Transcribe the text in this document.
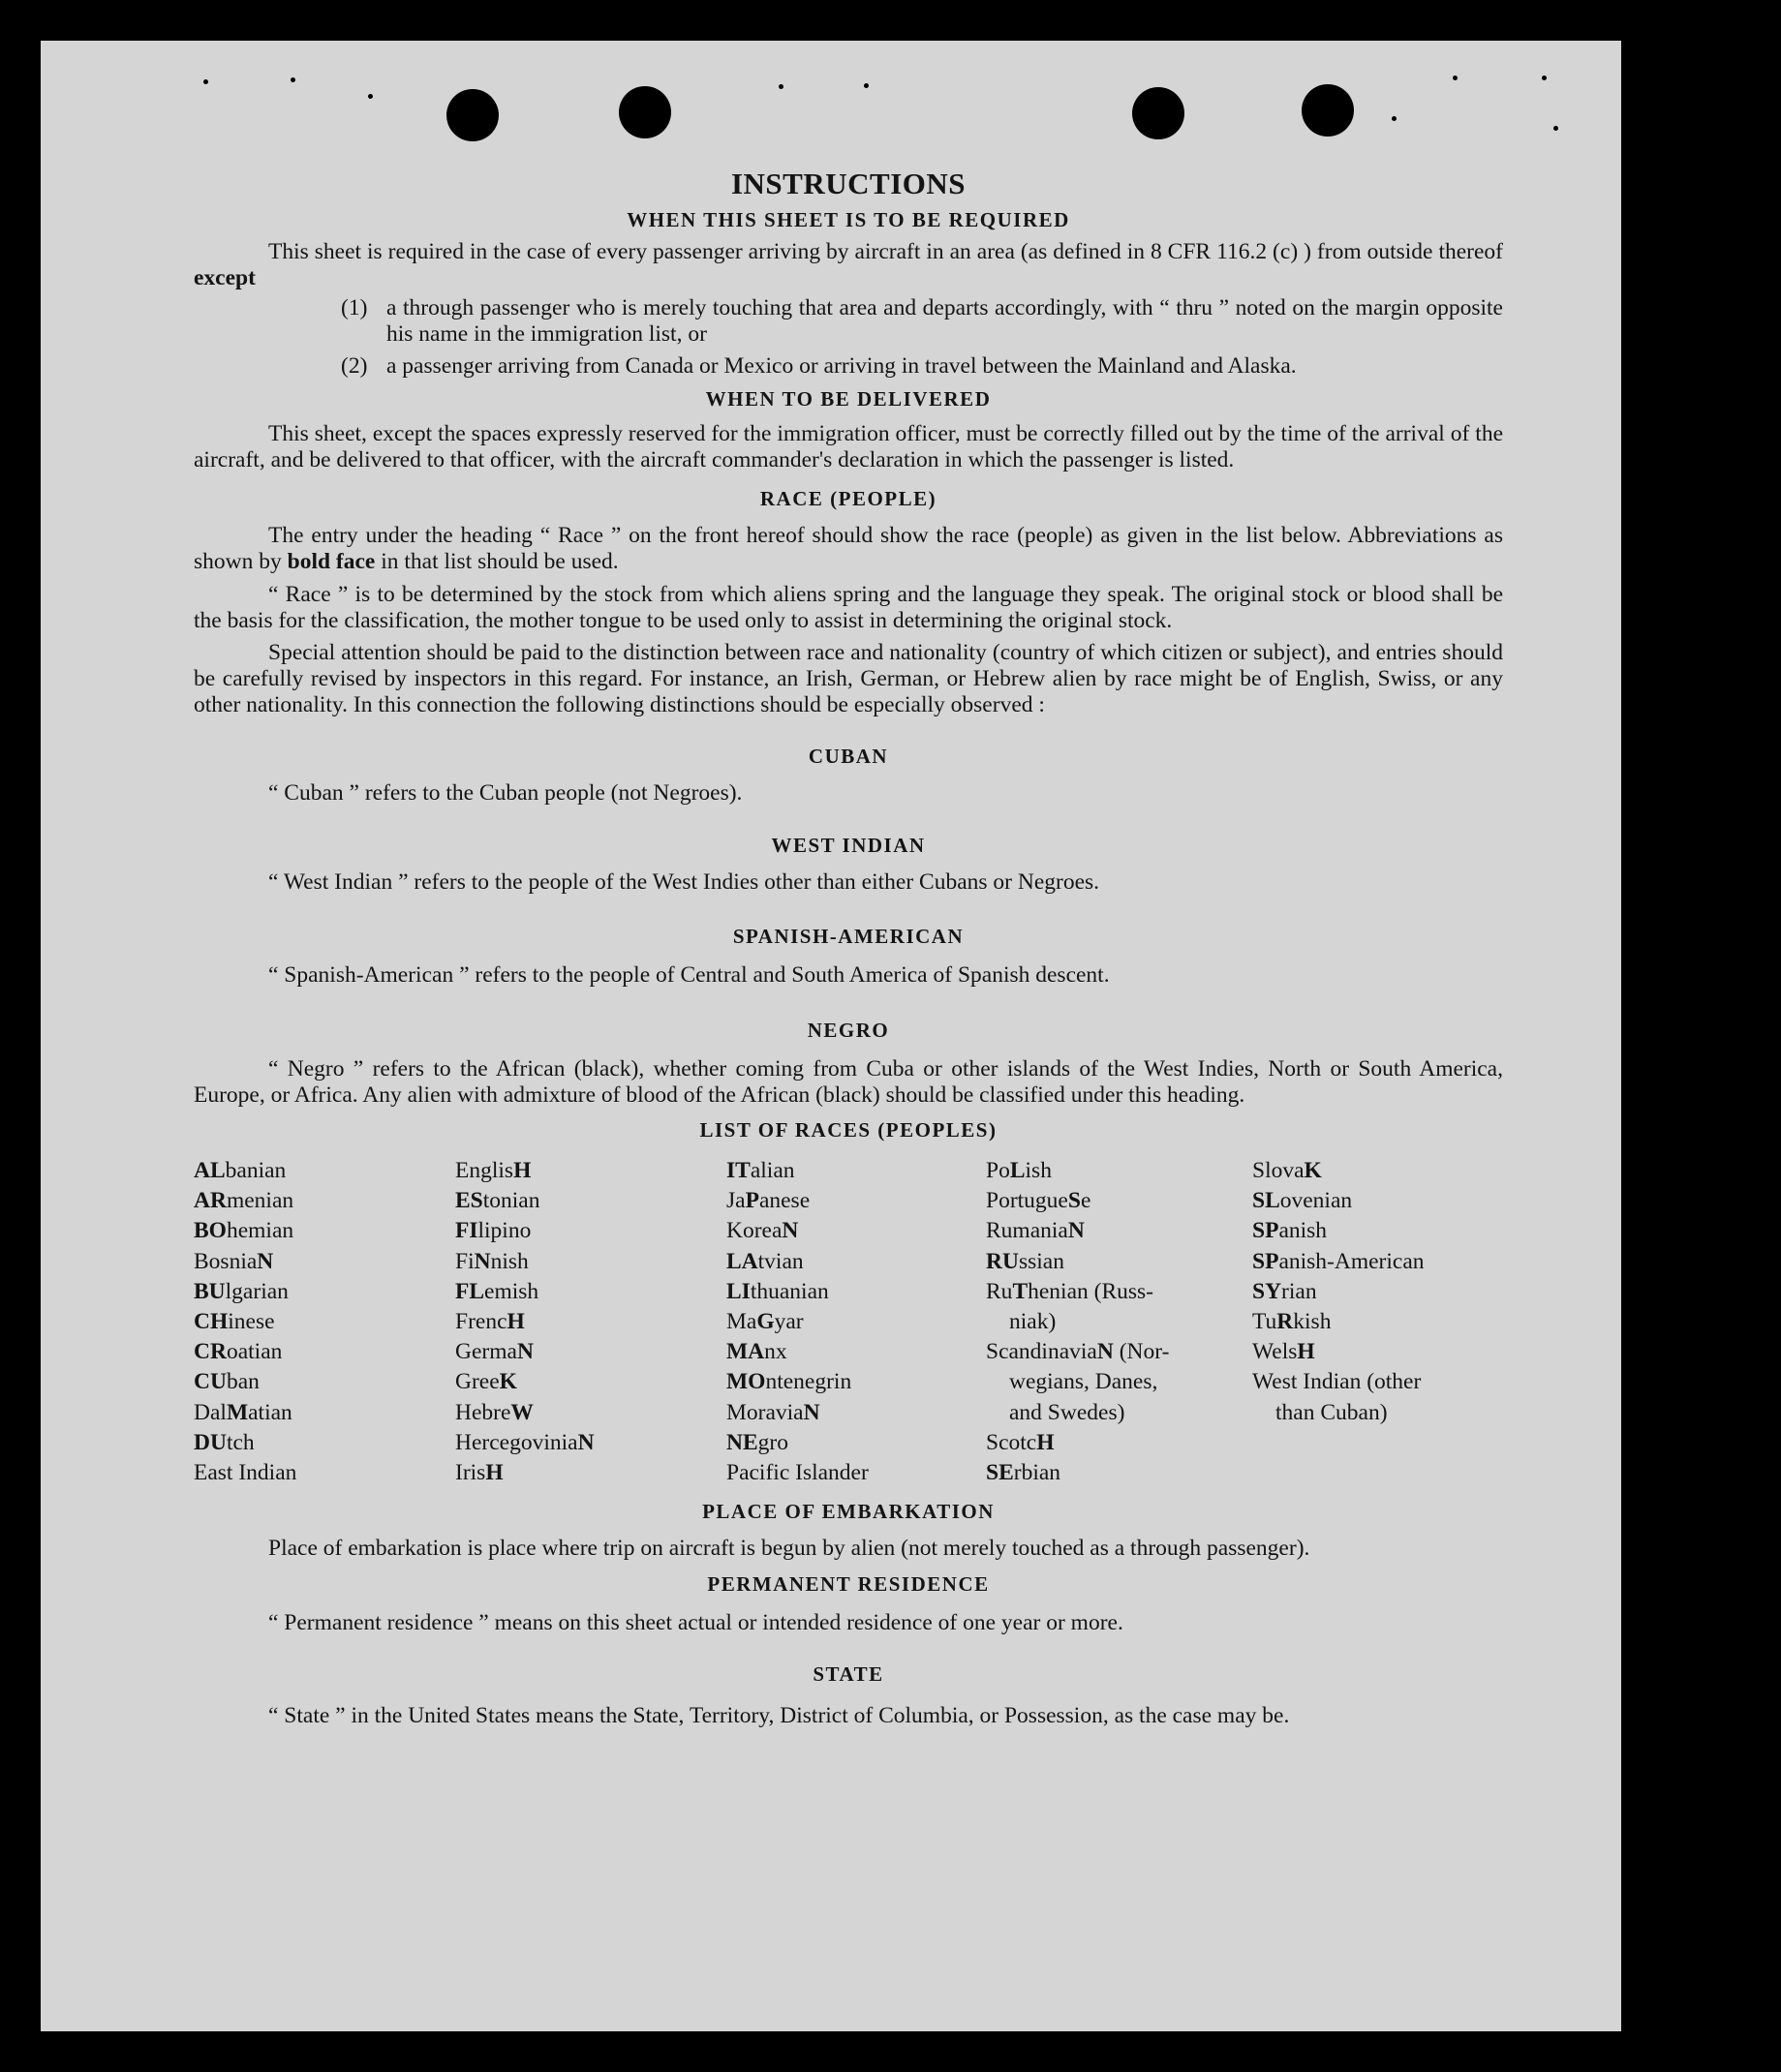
INSTRUCTIONS
WHEN THIS SHEET IS TO BE REQUIRED

This sheet is required in the case of every passenger arriving by aircraft in an area (as defined in 8 CFR 116.2 (c) ) from outside thereof except

(1) a through passenger who is merely touching that area and departs accordingly, with “ thru ” noted on the margin opposite his name in the immigration list, or

(2) a passenger arriving from Canada or Mexico or arriving in travel between the Mainland and Alaska.

WHEN TO BE DELIVERED

This sheet, except the spaces expressly reserved for the immigration officer, must be correctly filled out by the time of the arrival of the aircraft, and be delivered to that officer, with the aircraft commander's declaration in which the passenger is listed.

RACE (PEOPLE)

The entry under the heading “ Race ” on the front hereof should show the race (people) as given in the list below. Abbreviations as shown by bold face in that list should be used.

“ Race ” is to be determined by the stock from which aliens spring and the language they speak. The original stock or blood shall be the basis for the classification, the mother tongue to be used only to assist in determining the original stock.

Special attention should be paid to the distinction between race and nationality (country of which citizen or subject), and entries should be carefully revised by inspectors in this regard. For instance, an Irish, German, or Hebrew alien by race might be of English, Swiss, or any other nationality. In this connection the following distinctions should be especially observed :

CUBAN

“ Cuban ” refers to the Cuban people (not Negroes).

WEST INDIAN

“ West Indian ” refers to the people of the West Indies other than either Cubans or Negroes.

SPANISH-AMERICAN

“ Spanish-American ” refers to the people of Central and South America of Spanish descent.

NEGRO

“ Negro ” refers to the African (black), whether coming from Cuba or other islands of the West Indies, North or South America, Europe, or Africa. Any alien with admixture of blood of the African (black) should be classified under this heading.

LIST OF RACES (PEOPLES)
ALbanian
ARmenian
BOhemian
BosniaN
BUlgarian
CHinese
CRoatian
CUban
DalMatian
DUtch
East Indian
EnglisH
EStonian
FIlipino
FiNnish
FLemish
FrencH
GermaN
GreeK
HebreW
HercegoviniaN
IrisH
ITalian
JaPanese
KoreaN
LAtvian
LIthuanian
MaGyar
MAnx
MOntenegrin
MoraviaN
NEgro
Pacific Islander
PoLish
PortugueSe
RumaniaN
RUssian
RuThenian (Russ-
niak)
ScandinaviaN (Nor-
wegians, Danes,
and Swedes)
ScotcH
SErbian
SlovaK
SLovenian
SPanish
SPanish-American
SYrian
TuRkish
WelsH
West Indian (other
than Cuban)
PLACE OF EMBARKATION

Place of embarkation is place where trip on aircraft is begun by alien (not merely touched as a through passenger).

PERMANENT RESIDENCE

“ Permanent residence ” means on this sheet actual or intended residence of one year or more.

STATE

“ State ” in the United States means the State, Territory, District of Columbia, or Possession, as the case may be.
